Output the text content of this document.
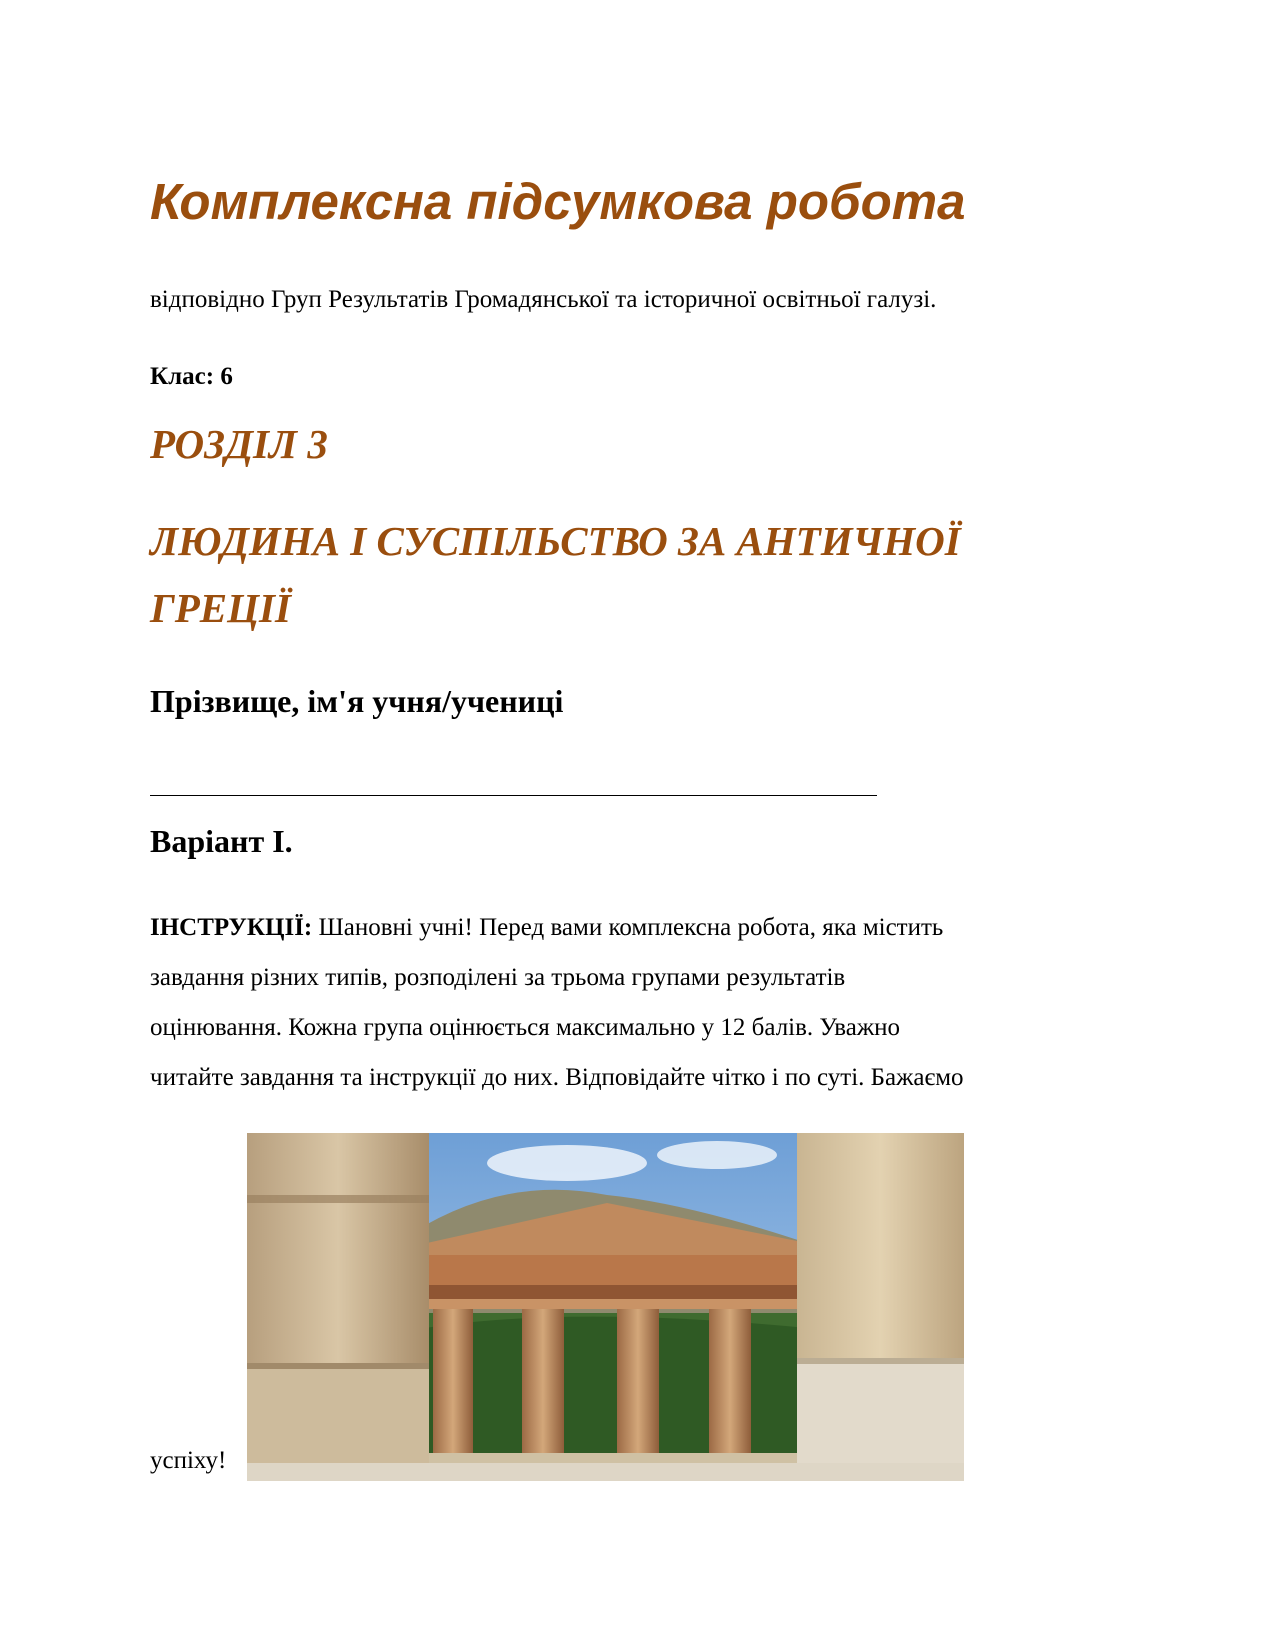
Комплексна підсумкова робота

відповідно Груп Результатів Громадянської та історичної освітньої галузі.

Клас: 6

РОЗДІЛ 3
ЛЮДИНА І СУСПІЛЬСТВО ЗА АНТИЧНОЇ
ГРЕЦІЇ

Прізвище, ім'я учня/учениці

Варіант І.

ІНСТРУКЦІЇ: Шановні учні! Перед вами комплексна робота, яка містить
завдання різних типів, розподілені за трьома групами результатів
оцінювання. Кожна група оцінюється максимально у 12 балів. Уважно
читайте завдання та інструкції до них. Відповідайте чітко і по суті. Бажаємо

успіху!
